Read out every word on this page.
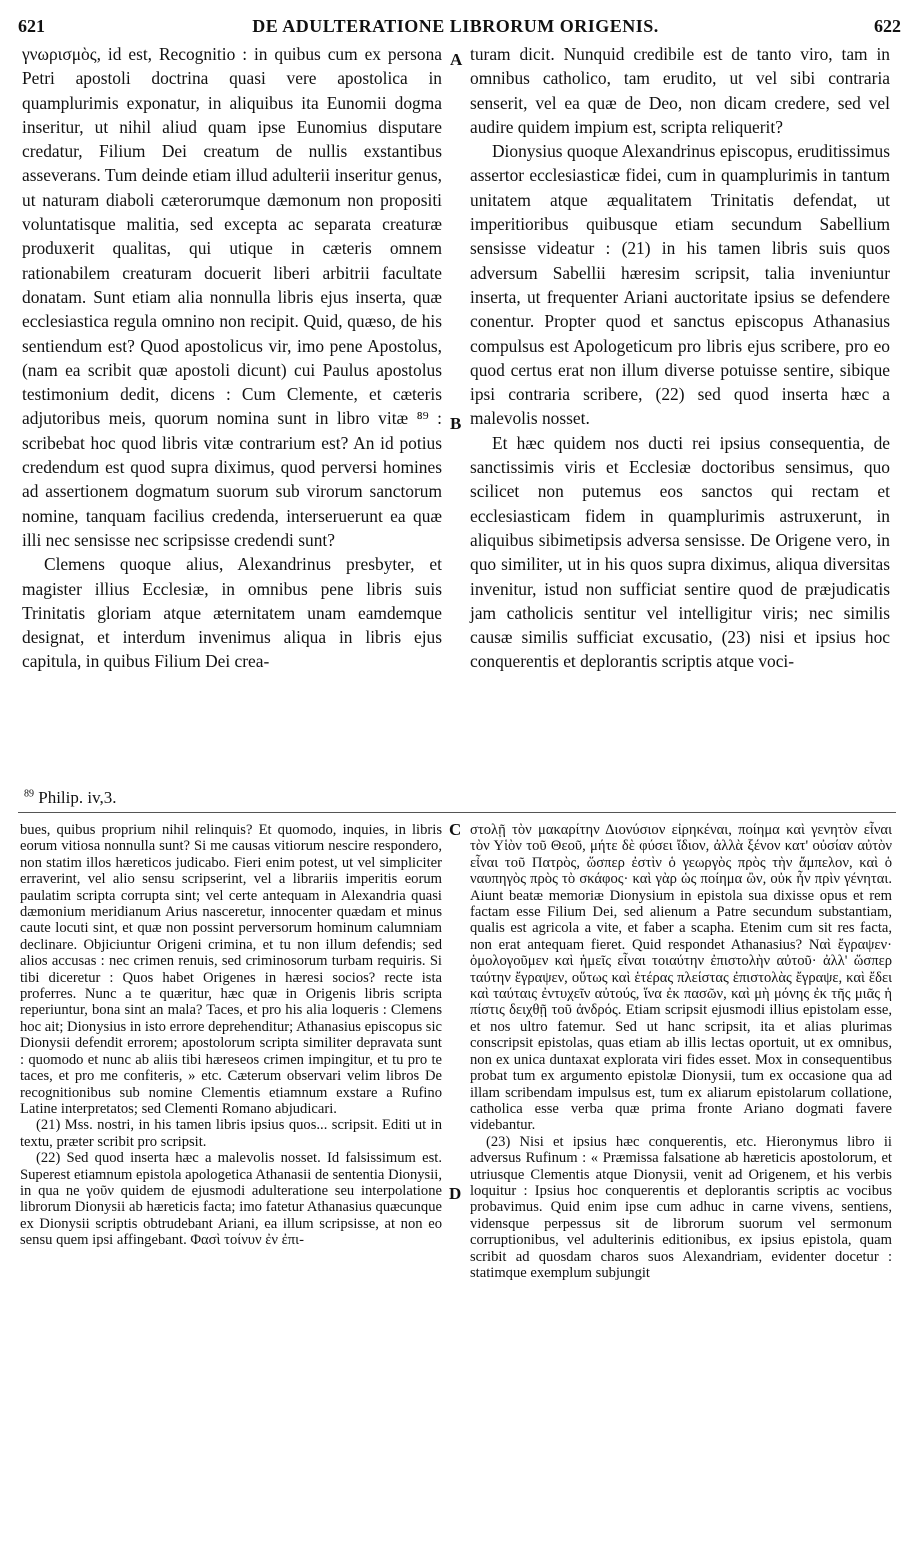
621	DE ADULTERATIONE LIBRORUM ORIGENIS.	622

γνωρισμὸς, id est, Recognitio : in quibus cum ex persona Petri apostoli doctrina quasi vere apostolica in quamplurimis exponatur, in aliquibus ita Eunomii dogma inseritur, ut nihil aliud quam ipse Eunomius disputare credatur, Filium Dei creatum de nullis exstantibus asseverans. Tum deinde etiam illud adulterii inseritur genus, ut naturam diaboli cæterorumque dæmonum non propositi voluntatisque malitia, sed excepta ac separata creaturæ produxerit qualitas, qui utique in cæteris omnem rationabilem creaturam docuerit liberi arbitrii facultate donatam. Sunt etiam alia nonnulla libris ejus inserta, quæ ecclesiastica regula omnino non recipit. Quid, quæso, de his sentiendum est? Quod apostolicus vir, imo pene Apostolus, (nam ea scribit quæ apostoli dicunt) cui Paulus apostolus testimonium dedit, dicens : Cum Clemente, et cæteris adjutoribus meis, quorum nomina sunt in libro vitæ ⁸⁹ : scribebat hoc quod libris vitæ contrarium est? An id potius credendum est quod supra diximus, quod perversi homines ad assertionem dogmatum suorum sub virorum sanctorum nomine, tanquam facilius credenda, interseruerunt ea quæ illi nec sensisse nec scripsisse credendi sunt?

Clemens quoque alius, Alexandrinus presbyter, et magister illius Ecclesiæ, in omnibus pene libris suis Trinitatis gloriam atque æternitatem unam eamdemque designat, et interdum invenimus aliqua in libris ejus capitula, in quibus Filium Dei crea-

$^{89}$ Philip. iv,3.
A
B

turam dicit. Nunquid credibile est de tanto viro, tam in omnibus catholico, tam erudito, ut vel sibi contraria senserit, vel ea quæ de Deo, non dicam credere, sed vel audire quidem impium est, scripta reliquerit?

Dionysius quoque Alexandrinus episcopus, eruditissimus assertor ecclesiasticæ fidei, cum in quamplurimis in tantum unitatem atque æqualitatem Trinitatis defendat, ut imperitioribus quibusque etiam secundum Sabellium sensisse videatur : (21) in his tamen libris suis quos adversum Sabellii hæresim scripsit, talia inveniuntur inserta, ut frequenter Ariani auctoritate ipsius se defendere conentur. Propter quod et sanctus episcopus Athanasius compulsus est Apologeticum pro libris ejus scribere, pro eo quod certus erat non illum diverse potuisse sentire, sibique ipsi contraria scribere, (22) sed quod inserta hæc a malevolis nosset.

Et hæc quidem nos ducti rei ipsius consequentia, de sanctissimis viris et Ecclesiæ doctoribus sensimus, quo scilicet non putemus eos sanctos qui rectam et ecclesiasticam fidem in quamplurimis astruxerunt, in aliquibus sibimetipsis adversa sensisse. De Origene vero, in quo similiter, ut in his quos supra diximus, aliqua diversitas invenitur, istud non sufficiat sentire quod de præjudicatis jam catholicis sentitur vel intelligitur viris; nec similis causæ similis sufficiat excusatio, (23) nisi et ipsius hoc conquerentis et deplorantis scriptis atque voci-

bues, quibus proprium nihil relinquis? Et quomodo, inquies, in libris eorum vitiosa nonnulla sunt? Si me causas vitiorum nescire respondero, non statim illos hæreticos judicabo. Fieri enim potest, ut vel simpliciter erraverint, vel alio sensu scripserint, vel a librariis imperitis eorum paulatim scripta corrupta sint; vel certe antequam in Alexandria quasi dæmonium meridianum Arius nasceretur, innocenter quædam et minus caute locuti sint, et quæ non possint perversorum hominum calumniam declinare. Objiciuntur Origeni crimina, et tu non illum defendis; sed alios accusas : nec crimen renuis, sed criminosorum turbam requiris. Si tibi diceretur : Quos habet Origenes in hæresi socios? recte ista proferres. Nunc a te quæritur, hæc quæ in Origenis libris scripta reperiuntur, bona sint an mala? Taces, et pro his alia loqueris : Clemens hoc ait; Dionysius in isto errore deprehenditur; Athanasius episcopus sic Dionysii defendit errorem; apostolorum scripta similiter depravata sunt : quomodo et nunc ab aliis tibi hæreseos crimen impingitur, et tu pro te taces, et pro me confiteris, » etc. Cæterum observari velim libros De recognitionibus sub nomine Clementis etiamnum exstare a Rufino Latine interpretatos; sed Clementi Romano abjudicari.

(21) Mss. nostri, in his tamen libris ipsius quos... scripsit. Editi ut in textu, præter scribit pro scripsit.

(22) Sed quod inserta hæc a malevolis nosset. Id falsissimum est. Superest etiamnum epistola apologetica Athanasii de sententia Dionysii, in qua ne γοῦν quidem de ejusmodi adulteratione seu interpolatione librorum Dionysii ab hæreticis facta; imo fatetur Athanasius quæcunque ex Dionysii scriptis obtrudebant Ariani, ea illum scripsisse, at non eo sensu quem ipsi affingebant. Φασὶ τοίνυν ἐν ἐπι-

C
D

στολῇ τὸν μακαρίτην Διονύσιον εἰρηκέναι, ποίημα καὶ γενητὸν εἶναι τὸν Υἱὸν τοῦ Θεοῦ, μήτε δὲ φύσει ἴδιον, ἀλλὰ ξένον κατ' οὐσίαν αὐτὸν εἶναι τοῦ Πατρὸς, ὥσπερ ἐστὶν ὁ γεωργὸς πρὸς τὴν ἄμπελον, καὶ ὁ ναυπηγὸς πρὸς τὸ σκάφος· καὶ γὰρ ὡς ποίημα ὢν, οὐκ ἦν πρὶν γένηται. Aiunt beatæ memoriæ Dionysium in epistola sua dixisse opus et rem factam esse Filium Dei, sed alienum a Patre secundum substantiam, qualis est agricola a vite, et faber a scapha. Etenim cum sit res facta, non erat antequam fieret. Quid respondet Athanasius? Ναὶ ἔγραψεν· ὁμολογοῦμεν καὶ ἡμεῖς εἶναι τοιαύτην ἐπιστολὴν αὐτοῦ· ἀλλ' ὥσπερ ταύτην ἔγραψεν, οὕτως καὶ ἑτέρας πλείστας ἐπιστολὰς ἔγραψε, καὶ ἔδει καὶ ταύταις ἐντυχεῖν αὐτούς, ἵνα ἐκ πασῶν, καὶ μὴ μόνης ἐκ τῆς μιᾶς ἡ πίστις δειχθῇ τοῦ ἀνδρός. Etiam scripsit ejusmodi illius epistolam esse, et nos ultro fatemur. Sed ut hanc scripsit, ita et alias plurimas conscripsit epistolas, quas etiam ab illis lectas oportuit, ut ex omnibus, non ex unica duntaxat explorata viri fides esset. Mox in consequentibus probat tum ex argumento epistolæ Dionysii, tum ex occasione qua ad illam scribendam impulsus est, tum ex aliarum epistolarum collatione, catholica esse verba quæ prima fronte Ariano dogmati favere videbantur.

(23) Nisi et ipsius hæc conquerentis, etc. Hieronymus libro ii adversus Rufinum : « Præmissa falsatione ab hæreticis apostolorum, et utriusque Clementis atque Dionysii, venit ad Origenem, et his verbis loquitur : Ipsius hoc conquerentis et deplorantis scriptis ac vocibus probavimus. Quid enim ipse cum adhuc in carne vivens, sentiens, vidensque perpessus sit de librorum suorum vel sermonum corruptionibus, vel adulterinis editionibus, ex ipsius epistola, quam scribit ad quosdam charos suos Alexandriam, evidenter docetur : statimque exemplum subjungit
